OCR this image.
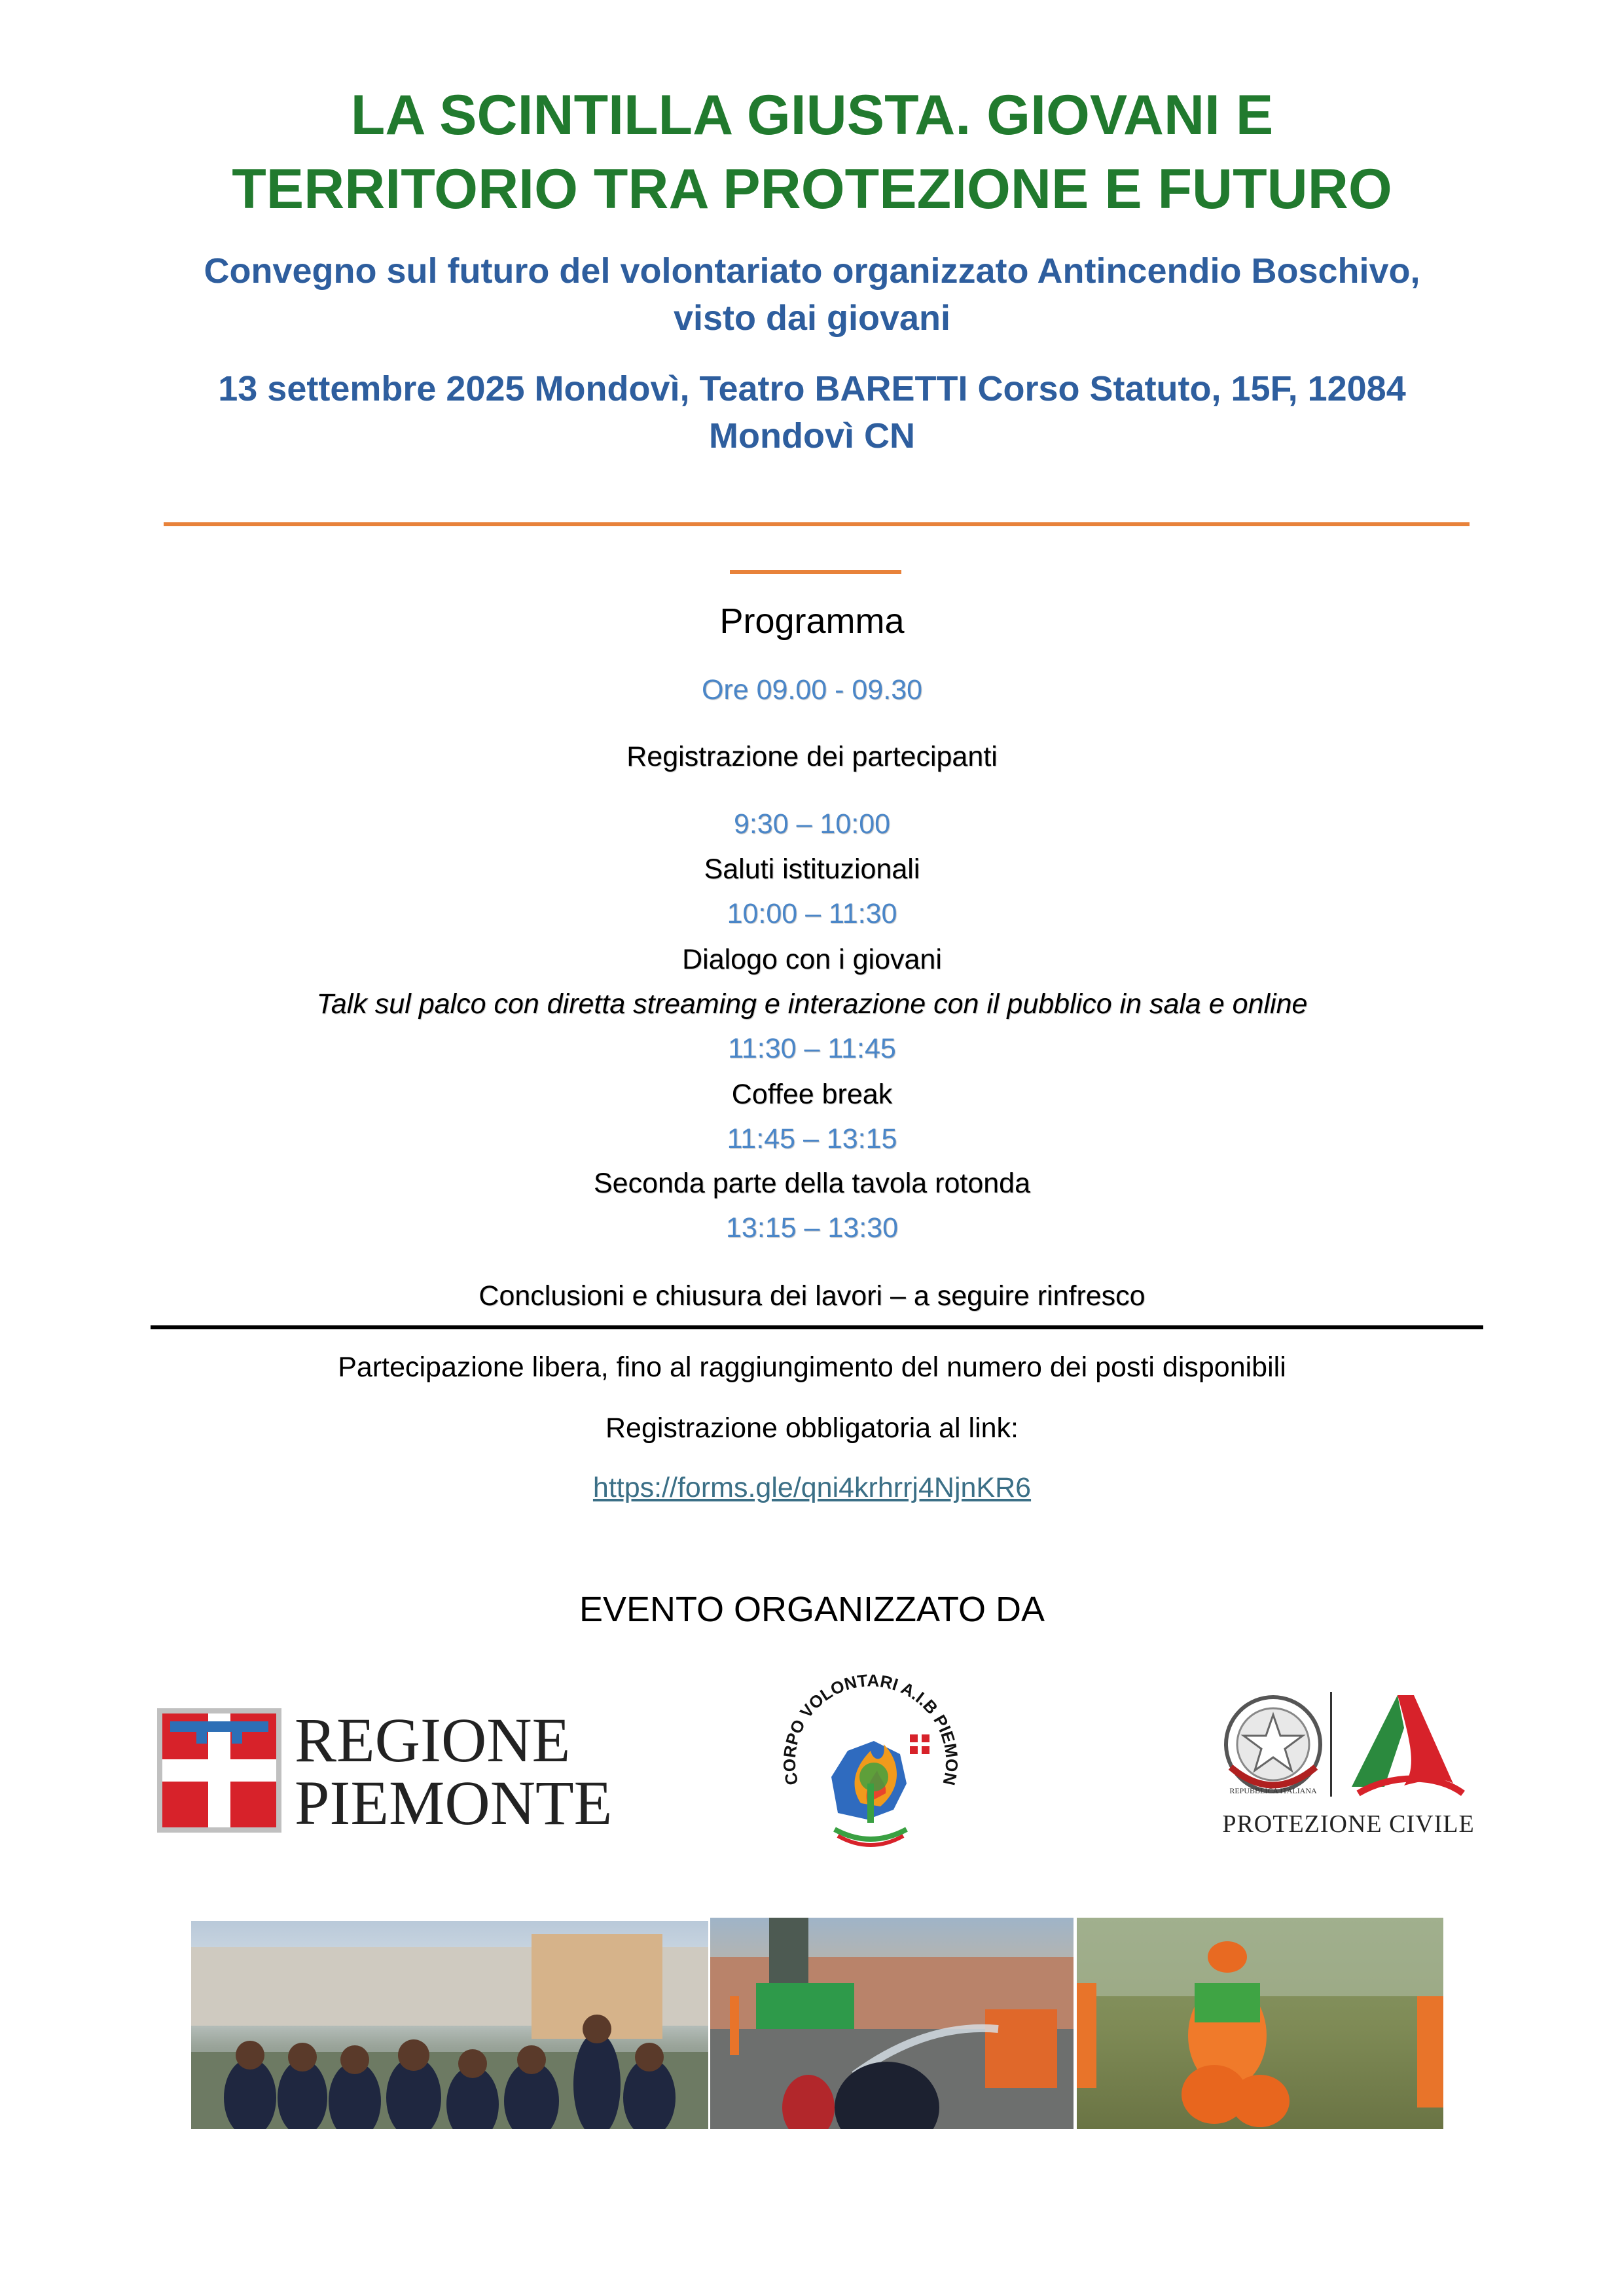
LA SCINTILLA GIUSTA. GIOVANI E
TERRITORIO TRA PROTEZIONE E FUTURO
Convegno sul futuro del volontariato organizzato Antincendio Boschivo,
visto dai giovani
13 settembre 2025 Mondovì, Teatro BARETTI Corso Statuto, 15F, 12084
Mondovì CN
Programma
Ore 09.00 - 09.30
Registrazione dei partecipanti
9:30 – 10:00
Saluti istituzionali
10:00 – 11:30
Dialogo con i giovani
Talk sul palco con diretta streaming e interazione con il pubblico in sala e online
11:30 – 11:45
Coffee break
11:45 – 13:15
Seconda parte della tavola rotonda
13:15 – 13:30
Conclusioni e chiusura dei lavori – a seguire rinfresco
Partecipazione libera, fino al raggiungimento del numero dei posti disponibili
Registrazione obbligatoria al link:
https://forms.gle/qni4krhrrj4NjnKR6
EVENTO ORGANIZZATO DA
REGIONE
PIEMONTE	CORPO VOLONTARI A.I.B PIEMON
REPUBBLICA ITALIANA
PROTEZIONE CIVILE
